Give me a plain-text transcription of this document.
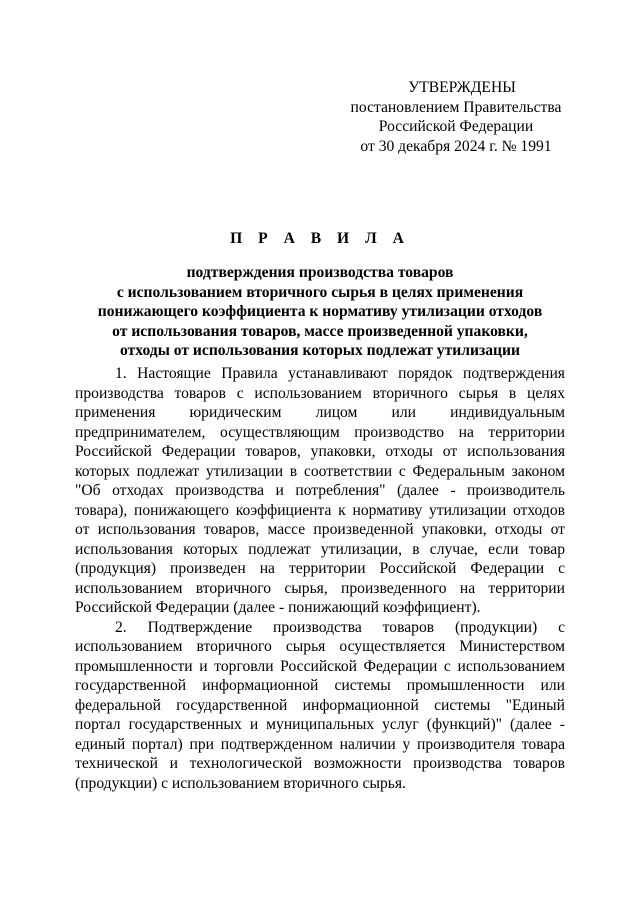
УТВЕРЖДЕНЫ
постановлением Правительства
Российской Федерации
от 30 декабря 2024 г. № 1991
П Р А В И Л А
подтверждения производства товаров
с использованием вторичного сырья в целях применения
понижающего коэффициента к нормативу утилизации отходов
от использования товаров, массе произведенной упаковки,
отходы от использования которых подлежат утилизации

1. Настоящие Правила устанавливают порядок подтверждения производства товаров с использованием вторичного сырья в целях применения юридическим лицом или индивидуальным предпринимателем, осуществляющим производство на территории Российской Федерации товаров, упаковки, отходы от использования которых подлежат утилизации в соответствии с Федеральным законом "Об отходах производства и потребления" (далее - производитель товара), понижающего коэффициента к нормативу утилизации отходов от использования товаров, массе произведенной упаковки, отходы от использования которых подлежат утилизации, в случае, если товар (продукция) произведен на территории Российской Федерации с использованием вторичного сырья, произведенного на территории Российской Федерации (далее - понижающий коэффициент).

2. Подтверждение производства товаров (продукции) с использованием вторичного сырья осуществляется Министерством промышленности и торговли Российской Федерации с использованием государственной информационной системы промышленности или федеральной государственной информационной системы "Единый портал государственных и муниципальных услуг (функций)" (далее - единый портал) при подтвержденном наличии у производителя товара технической и технологической возможности производства товаров (продукции) с использованием вторичного сырья.
